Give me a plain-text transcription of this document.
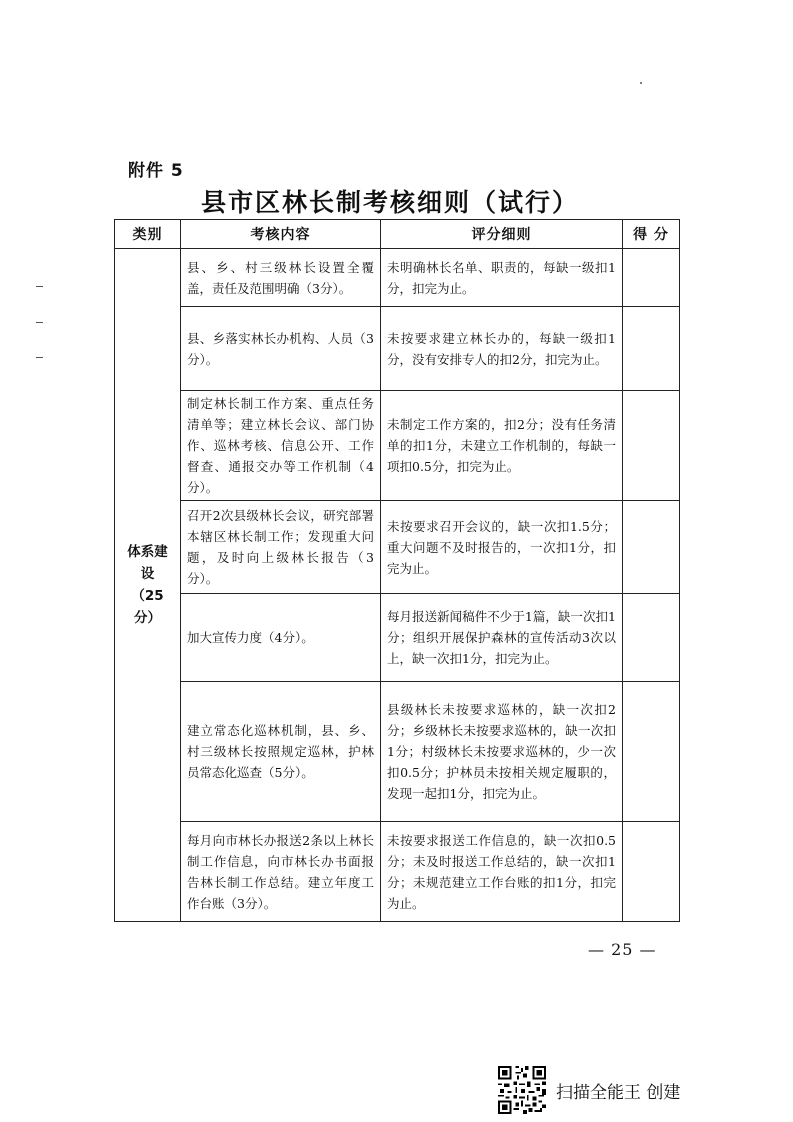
附件 5
县市区林长制考核细则（试行）
类别	考核内容	评分细则	得 分

体系建设
（25 分）	县、乡、村三级林长设置全覆盖，责任及范围明确（3分）。	未明确林长名单、职责的，每缺一级扣1分，扣完为止。	
	县、乡落实林长办机构、人员（3分）。	未按要求建立林长办的，每缺一级扣1分，没有安排专人的扣2分，扣完为止。	
	制定林长制工作方案、重点任务清单等；建立林长会议、部门协作、巡林考核、信息公开、工作督查、通报交办等工作机制（4分）。	未制定工作方案的，扣2分；没有任务清单的扣1分，未建立工作机制的，每缺一项扣0.5分，扣完为止。	
	召开2次县级林长会议，研究部署本辖区林长制工作；发现重大问题，及时向上级林长报告（3分）。	未按要求召开会议的，缺一次扣1.5分；重大问题不及时报告的，一次扣1分，扣完为止。	
	加大宣传力度（4分）。	每月报送新闻稿件不少于1篇，缺一次扣1分；组织开展保护森林的宣传活动3次以上，缺一次扣1分，扣完为止。	
	建立常态化巡林机制，县、乡、村三级林长按照规定巡林，护林员常态化巡查（5分）。	县级林长未按要求巡林的，缺一次扣2分；乡级林长未按要求巡林的，缺一次扣1分；村级林长未按要求巡林的，少一次扣0.5分；护林员未按相关规定履职的，发现一起扣1分，扣完为止。	
	每月向市林长办报送2条以上林长制工作信息，向市林长办书面报告林长制工作总结。建立年度工作台账（3分）。	未按要求报送工作信息的，缺一次扣0.5分；未及时报送工作总结的，缺一次扣1分；未规范建立工作台账的扣1分，扣完为止。	
— 25 —
扫描全能王 创建
